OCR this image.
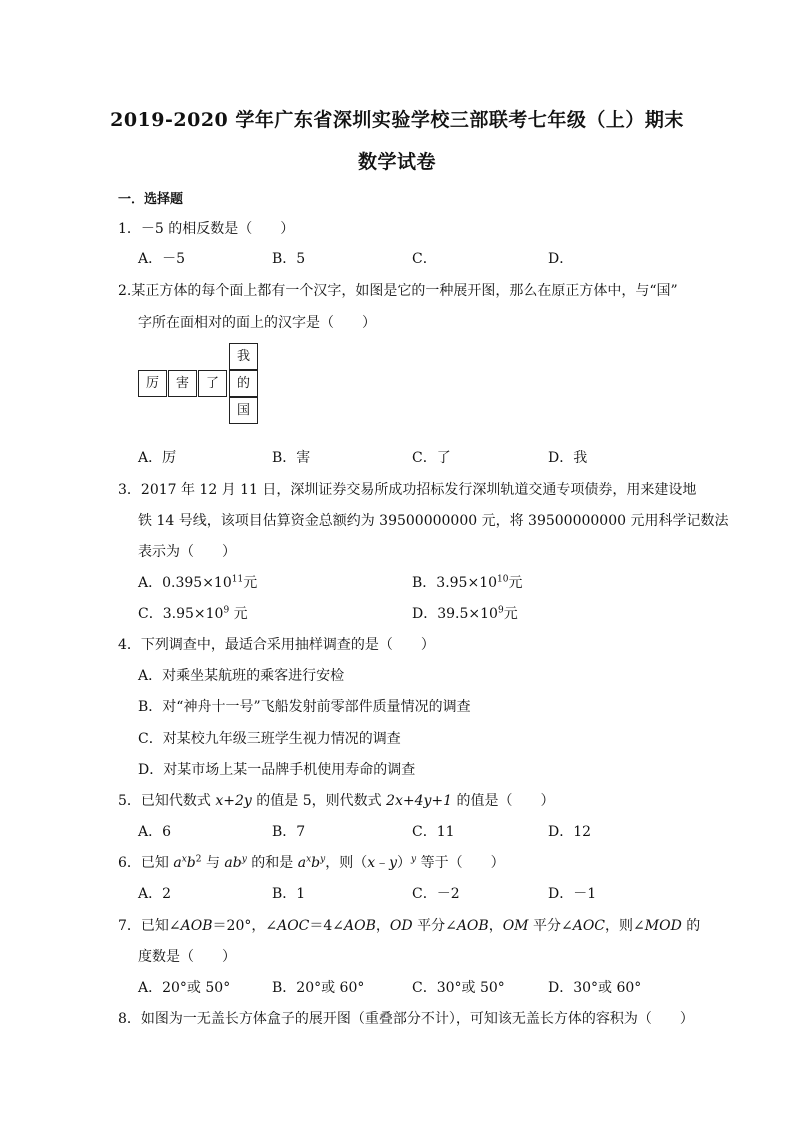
2019-2020 学年广东省深圳实验学校三部联考七年级（上）期末
数学试卷
一．选择题
1．－5 的相反数是（　　）
A．－5	B．5	C．	D．
2.某正方体的每个面上都有一个汉字，如图是它的一种展开图，那么在原正方体中，与“国”
字所在面相对的面上的汉字是（　　）
厉	害	了
我
的
国
A．厉	B．害	C．了	D．我
3．2017 年 12 月 11 日，深圳证券交易所成功招标发行深圳轨道交通专项债券，用来建设地
铁 14 号线，该项目估算资金总额约为 39500000000 元，将 39500000000 元用科学记数法
表示为（　　）
A．$0.395\times 10^{11}$元	B．$3.95\times 10^{10}$元
C．$3.95\times 10^9$ 元	D．$39.5\times 10^9$元
4．下列调查中，最适合采用抽样调查的是（　　）
A．对乘坐某航班的乘客进行安检
B．对“神舟十一号”飞船发射前零部件质量情况的调查
C．对某校九年级三班学生视力情况的调查
D．对某市场上某一品牌手机使用寿命的调查
5．已知代数式 x+2y 的值是 5，则代数式 2x+4y+1 的值是（　　）
A．6	B．7	C．11	D．12
6．已知 $a^xb^2$ 与 $ab^y$ 的和是 $a^xb^y$，则（x﹣y）$^y$ 等于（　　）
A．2	B．1	C．－2	D．－1
7．已知∠AOB＝20°，∠AOC＝4∠AOB，OD 平分∠AOB，OM 平分∠AOC，则∠MOD 的
度数是（　　）
A．20°或 50°	B．20°或 60°	C．30°或 50°	D．30°或 60°
8．如图为一无盖长方体盒子的展开图（重叠部分不计），可知该无盖长方体的容积为（　　）
